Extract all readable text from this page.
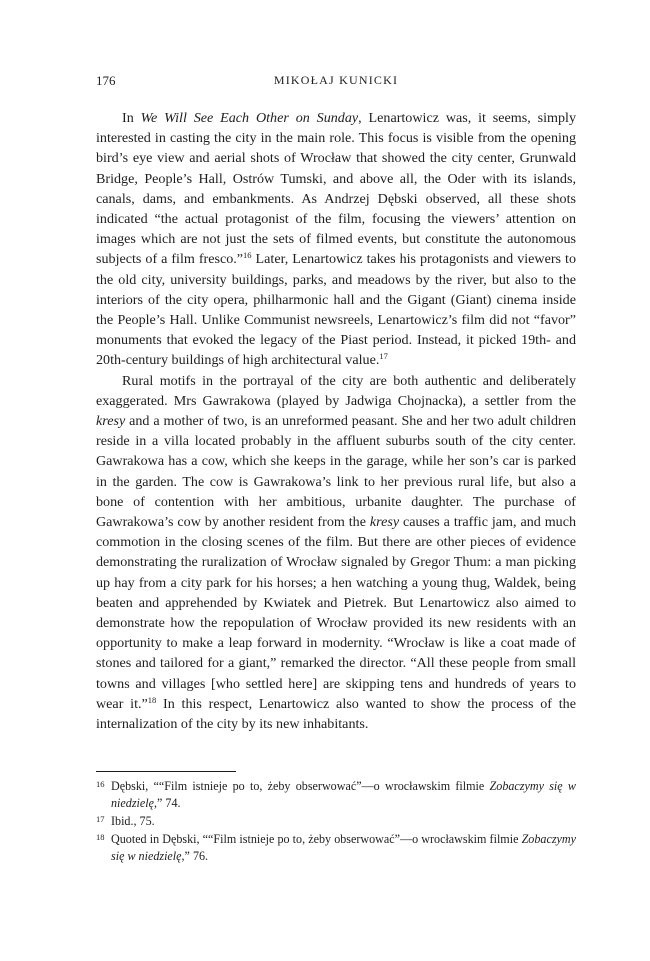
176	MIKOŁAJ KUNICKI

In We Will See Each Other on Sunday, Lenartowicz was, it seems, simply interested in casting the city in the main role. This focus is visible from the opening bird’s eye view and aerial shots of Wrocław that showed the city center, Grunwald Bridge, People’s Hall, Ostrów Tumski, and above all, the Oder with its islands, canals, dams, and embankments. As Andrzej Dębski observed, all these shots indicated “the actual protagonist of the film, focusing the viewers’ attention on images which are not just the sets of filmed events, but constitute the autonomous subjects of a film fresco.”$^{16}$ Later, Lenartowicz takes his protagonists and viewers to the old city, university buildings, parks, and meadows by the river, but also to the interiors of the city opera, philharmonic hall and the Gigant (Giant) cinema inside the People’s Hall. Unlike Communist newsreels, Lenartowicz’s film did not “favor” monuments that evoked the legacy of the Piast period. Instead, it picked 19th- and 20th-century buildings of high architectural value.$^{17}$

Rural motifs in the portrayal of the city are both authentic and deliberately exaggerated. Mrs Gawrakowa (played by Jadwiga Chojnacka), a settler from the kresy and a mother of two, is an unreformed peasant. She and her two adult children reside in a villa located probably in the affluent suburbs south of the city center. Gawrakowa has a cow, which she keeps in the garage, while her son’s car is parked in the garden. The cow is Gawrakowa’s link to her previous rural life, but also a bone of contention with her ambitious, urbanite daughter. The purchase of Gawrakowa’s cow by another resident from the kresy causes a traffic jam, and much commotion in the closing scenes of the film. But there are other pieces of evidence demonstrating the ruralization of Wrocław signaled by Gregor Thum: a man picking up hay from a city park for his horses; a hen watching a young thug, Waldek, being beaten and apprehended by Kwiatek and Pietrek. But Lenartowicz also aimed to demonstrate how the repopulation of Wrocław provided its new residents with an opportunity to make a leap forward in modernity. “Wrocław is like a coat made of stones and tailored for a giant,” remarked the director. “All these people from small towns and villages [who settled here] are skipping tens and hundreds of years to wear it.”$^{18}$ In this respect, Lenartowicz also wanted to show the process of the internalization of the city by its new inhabitants.

16 Dębski, ““Film istnieje po to, żeby obserwować”—o wrocławskim filmie Zobaczymy się w niedzielę,” 74.
17 Ibid., 75.
18 Quoted in Dębski, ““Film istnieje po to, żeby obserwować”—o wrocławskim filmie Zobaczymy się w niedzielę,” 76.
